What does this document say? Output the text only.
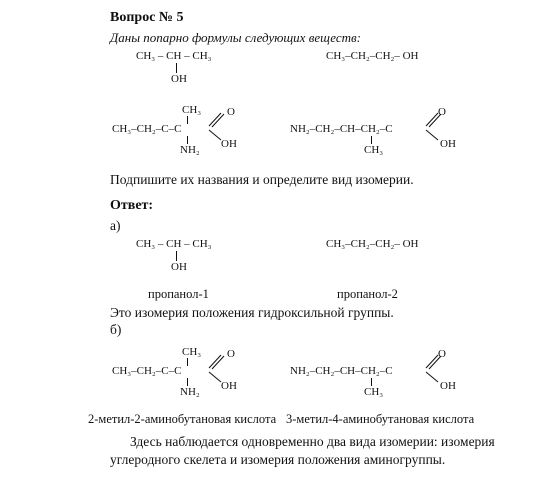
Вопрос № 5
Даны попарно формулы следующих веществ:
CH₃ – CH – CH₃
OH
CH₃–CH₂–CH₂– OH
CH₃
CH₃–CH₂–C–C
NH₂
O
OH
NH₂–CH₂–CH–CH₂–C
CH₃
O
OH
Подпишите их названия и определите вид изомерии.
Ответ:
а)
CH₃ – CH – CH₃
OH
CH₃–CH₂–CH₂– OH
пропанол-1	пропанол-2
Это изомерия положения гидроксильной группы.
б)
CH₃
CH₃–CH₂–C–C
NH₂
O
OH
NH₂–CH₂–CH–CH₂–C
CH₃
O
OH
2-метил-2-аминобутановая кислота 3-метил-4-аминобутановая кислота
Здесь наблюдается одновременно два вида изомерии: изомерия
углеродного скелета и изомерия положения аминогруппы.
